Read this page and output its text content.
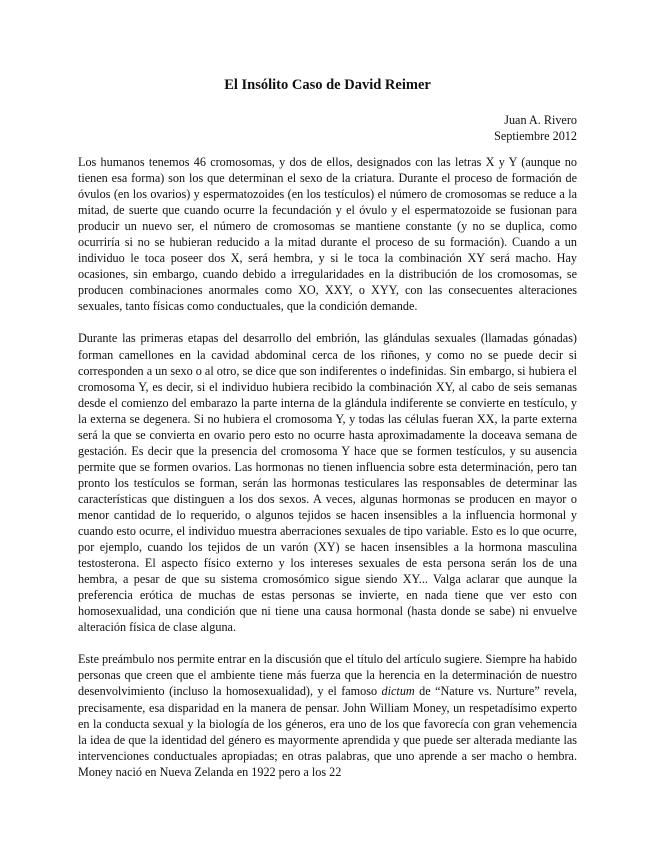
El Insólito Caso de David Reimer
Juan A. Rivero
Septiembre 2012

Los humanos tenemos 46 cromosomas, y dos de ellos, designados con las letras X y Y (aunque no tienen esa forma) son los que determinan el sexo de la criatura. Durante el proceso de formación de óvulos (en los ovarios) y espermatozoides (en los testículos) el número de cromosomas se reduce a la mitad, de suerte que cuando ocurre la fecundación y el óvulo y el espermatozoide se fusionan para producir un nuevo ser, el número de cromosomas se mantiene constante (y no se duplica, como ocurriría si no se hubieran reducido a la mitad durante el proceso de su formación). Cuando a un individuo le toca poseer dos X, será hembra, y si le toca la combinación XY será macho. Hay ocasiones, sin embargo, cuando debido a irregularidades en la distribución de los cromosomas, se producen combinaciones anormales como XO, XXY, o XYY, con las consecuentes alteraciones sexuales, tanto físicas como conductuales, que la condición demande.

Durante las primeras etapas del desarrollo del embrión, las glándulas sexuales (llamadas gónadas) forman camellones en la cavidad abdominal cerca de los riñones, y como no se puede decir si corresponden a un sexo o al otro, se dice que son indiferentes o indefinidas. Sin embargo, si hubiera el cromosoma Y, es decir, si el individuo hubiera recibido la combinación XY, al cabo de seis semanas desde el comienzo del embarazo la parte interna de la glándula indiferente se convierte en testículo, y la externa se degenera. Si no hubiera el cromosoma Y, y todas las células fueran XX, la parte externa será la que se convierta en ovario pero esto no ocurre hasta aproximadamente la doceava semana de gestación. Es decir que la presencia del cromosoma Y hace que se formen testículos, y su ausencia permite que se formen ovarios. Las hormonas no tienen influencia sobre esta determinación, pero tan pronto los testículos se forman, serán las hormonas testiculares las responsables de determinar las características que distinguen a los dos sexos. A veces, algunas hormonas se producen en mayor o menor cantidad de lo requerido, o algunos tejidos se hacen insensibles a la influencia hormonal y cuando esto ocurre, el individuo muestra aberraciones sexuales de tipo variable. Esto es lo que ocurre, por ejemplo, cuando los tejidos de un varón (XY) se hacen insensibles a la hormona masculina testosterona. El aspecto físico externo y los intereses sexuales de esta persona serán los de una hembra, a pesar de que su sistema cromosómico sigue siendo XY... Valga aclarar que aunque la preferencia erótica de muchas de estas personas se invierte, en nada tiene que ver esto con homosexualidad, una condición que ni tiene una causa hormonal (hasta donde se sabe) ni envuelve alteración física de clase alguna.

Este preámbulo nos permite entrar en la discusión que el título del artículo sugiere. Siempre ha habido personas que creen que el ambiente tiene más fuerza que la herencia en la determinación de nuestro desenvolvimiento (incluso la homosexualidad), y el famoso dictum de “Nature vs. Nurture” revela, precisamente, esa disparidad en la manera de pensar. John William Money, un respetadísimo experto en la conducta sexual y la biología de los géneros, era uno de los que favorecía con gran vehemencia la idea de que la identidad del género es mayormente aprendida y que puede ser alterada mediante las intervenciones conductuales apropiadas; en otras palabras, que uno aprende a ser macho o hembra. Money nació en Nueva Zelanda en 1922 pero a los 22
